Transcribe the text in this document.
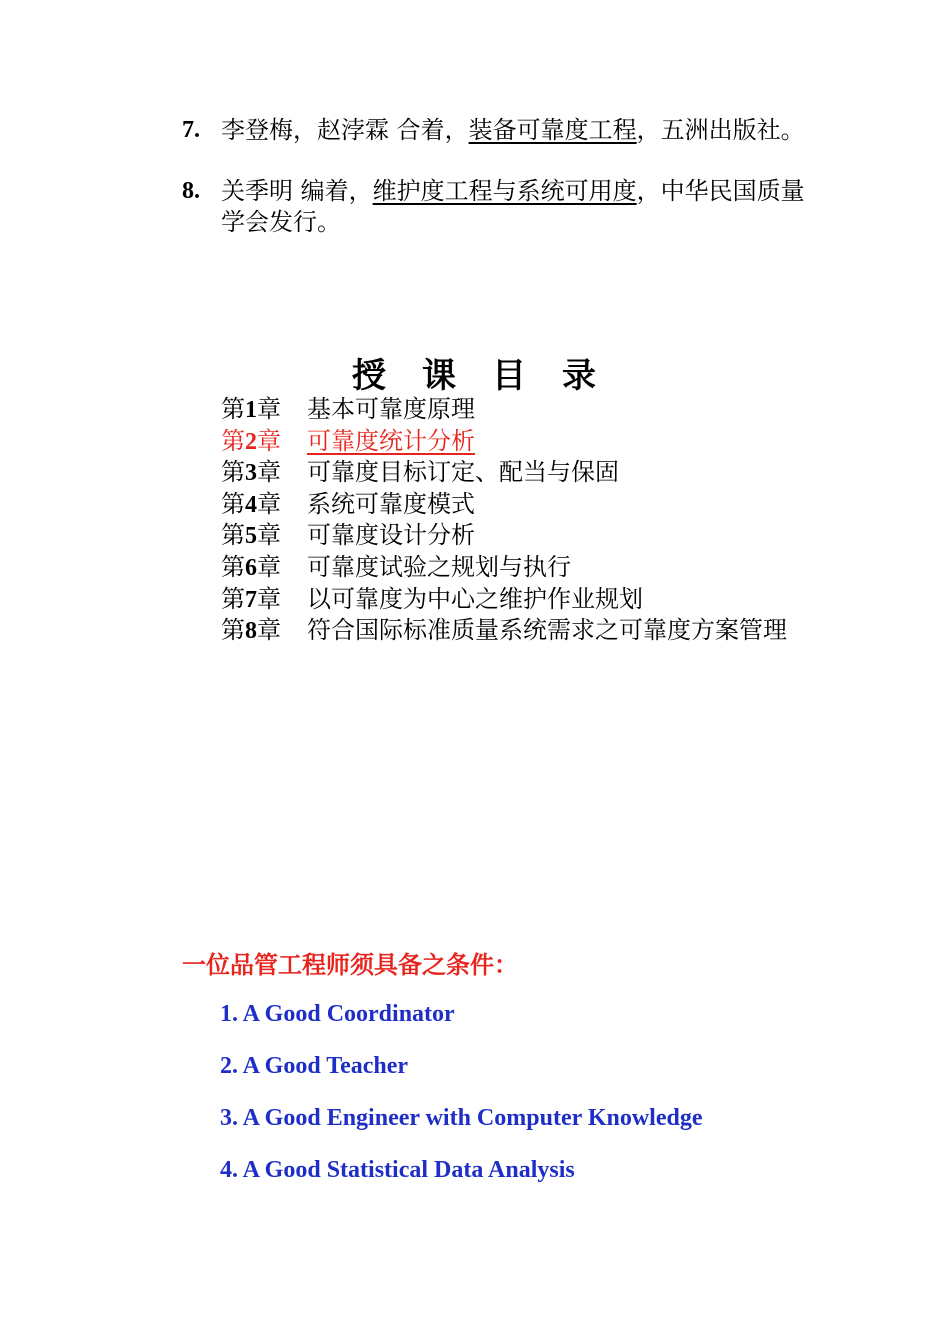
7. 李登梅，赵浡霖 合着，装备可靠度工程，五洲出版社。
8. 关季明 编着，维护度工程与系统可用度，中华民国质量学会发行。
授课目录
第1章 基本可靠度原理
第2章 可靠度统计分析
第3章 可靠度目标订定、配当与保固
第4章 系统可靠度模式
第5章 可靠度设计分析
第6章 可靠度试验之规划与执行
第7章 以可靠度为中心之维护作业规划
第8章 符合国际标准质量系统需求之可靠度方案管理
一位品管工程师须具备之条件：
1. A Good Coordinator
2. A Good Teacher
3. A Good Engineer with Computer Knowledge
4. A Good Statistical Data Analysis
